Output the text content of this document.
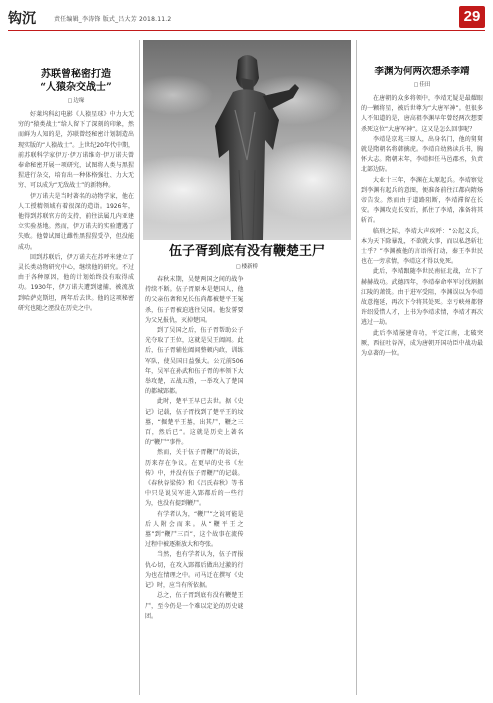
钩沉	责任编辑_李涛锋 版式_吕大芳 2018.11.2	29
苏联曾秘密打造
“人猿杂交战士”
□ 边缘

好莱坞科幻电影《人猿星球》中力大无穷的“猿类战士”给人留下了深刻的印象，然而鲜为人知的是，苏联曾经秘密计划制造出现实版的“人猿战士”。上世纪20年代中期，前苏联科学家伊万·伊万诺维奇·伊万诺夫曾奉命秘密开展一项研究，试图将人类与黑猩猩进行杂交，培育出一种体格强壮、力大无穷、可以成为“无敌战士”的新物种。

伊万诺夫是当时著名的动物学家，他在人工授精领域有着很深的造诣。1926年，他得到苏联官方的支持，前往法属几内亚建立实验基地。然而，伊万诺夫的实验遭遇了失败。他曾试图让雌性黑猩猩受孕，但没能成功。

回到苏联后，伊万诺夫在苏呼米建立了灵长类动物研究中心，继续他的研究。不过由于各种原因，他的计划始终没有取得成功。1930年，伊万诺夫遭到逮捕，被流放到哈萨克斯坦，两年后去世。他的这项秘密研究也随之湮没在历史之中。

伍子胥到底有没有鞭楚王尸
□ 楼新桥

春秋末期，吴楚两国之间的战争持续不断。伍子胥原本是楚国人，他的父亲伍奢和兄长伍尚都被楚平王冤杀，伍子胥被迫逃往吴国。他发誓要为父兄报仇，灭掉楚国。

到了吴国之后，伍子胥帮助公子光夺取了王位，这就是吴王阖闾。此后，伍子胥辅佐阖闾整顿内政，训练军队，使吴国日益强大。公元前506年，吴军在孙武和伍子胥的率领下大举攻楚，五战五胜，一举攻入了楚国的都城郢都。

此时，楚平王早已去世。据《史记》记载，伍子胥找到了楚平王的坟墓，“掘楚平王墓，出其尸，鞭之三百，然后已”。这就是历史上著名的“鞭尸”事件。

然而，关于伍子胥鞭尸的说法，历来存在争议。在更早的史书《左传》中，并没有伍子胥鞭尸的记载。《春秋谷梁传》和《吕氏春秋》等书中只是说吴军进入郢都后的一些行为，也没有提到鞭尸。

有学者认为，“鞭尸”之说可能是后人附会而来。从“鞭平王之墓”到“鞭尸三百”，这个故事在流传过程中被逐渐放大和夸张。

当然，也有学者认为，伍子胥报仇心切，在攻入郢都后做出过激的行为也在情理之中。司马迁在撰写《史记》时，应当有所依据。

总之，伍子胥到底有没有鞭楚王尸，至今仍是一个难以定论的历史谜团。

李渊为何两次想杀李靖
□ 佳田

在唐朝的众多将领中，李靖无疑是最耀眼的一颗将星，被后世尊为“大唐军神”。但很多人不知道的是，唐高祖李渊早年曾经两次想要杀死这位“大唐军神”。这又是怎么回事呢？

李靖是京兆三原人，出身名门，他的舅舅就是隋朝名将韩擒虎。李靖自幼熟读兵书，胸怀大志。隋朝末年，李靖担任马邑郡丞，负责北部边防。

大业十三年，李渊在太原起兵。李靖察觉到李渊有起兵的意图，便准备前往江都向隋炀帝告发。然而由于道路阻断，李靖滞留在长安。李渊攻克长安后，抓住了李靖，准备将其斩首。

临刑之际，李靖大声疾呼：“公起义兵，本为天下除暴乱，不欲就大事，而以私怨斩壮士乎？”李渊被他的言语所打动，秦王李世民也在一旁求情，李靖这才得以免死。

此后，李靖跟随李世民南征北战，立下了赫赫战功。武德四年，李靖奉命率军讨伐割据江陵的萧铣。由于进军受阻，李渊误以为李靖故意拖延，再次下令将其处死。幸亏峡州都督许绍爱惜人才，上书为李靖求情，李靖才再次逃过一劫。

此后李靖屡建奇功，平定江南，北破突厥，西征吐谷浑，成为唐朝开国功臣中战功最为卓著的一位。
